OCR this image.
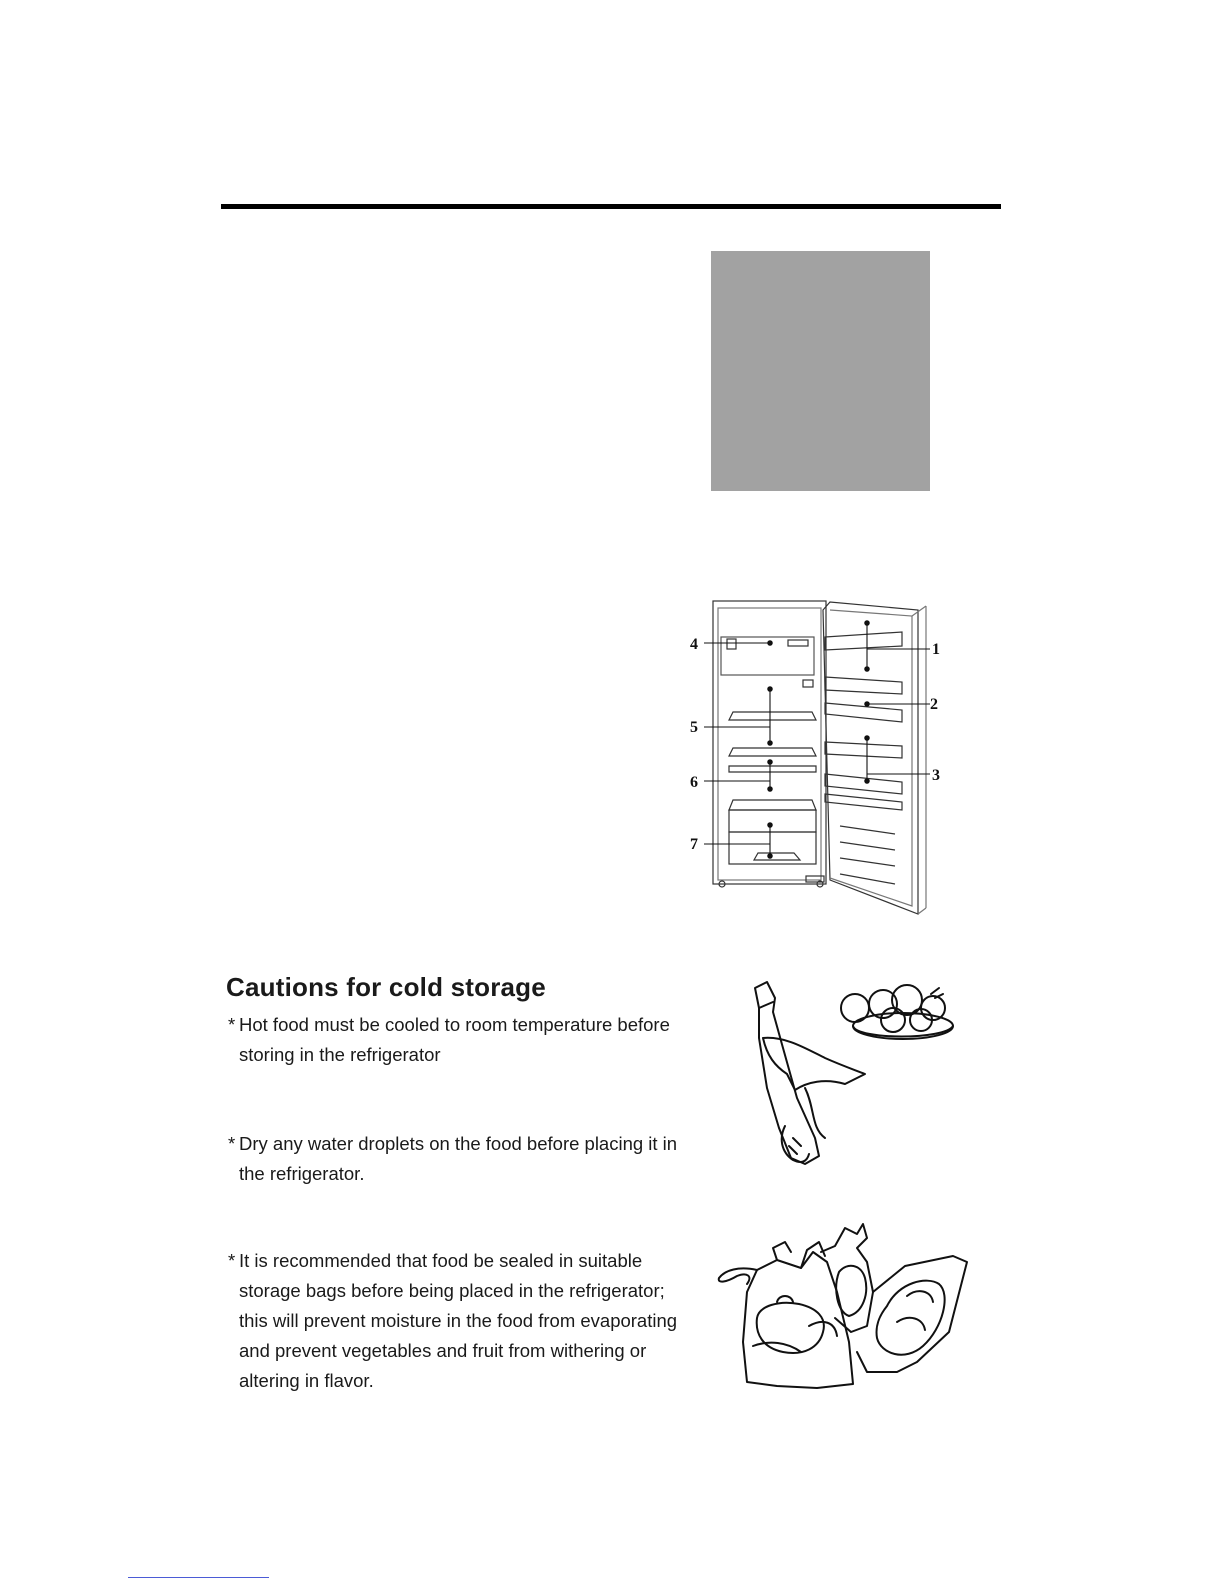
1
2
3
4
5
6
7
Cautions for cold storage
* Hot food must be cooled to room temperature before storing in the refrigerator
* Dry any water droplets on the food before placing it in the refrigerator.
* It is recommended that food be sealed in suitable storage bags before being placed in the refrigerator; this will prevent moisture in the food from evaporating and prevent vegetables and fruit from withering or altering in flavor.
